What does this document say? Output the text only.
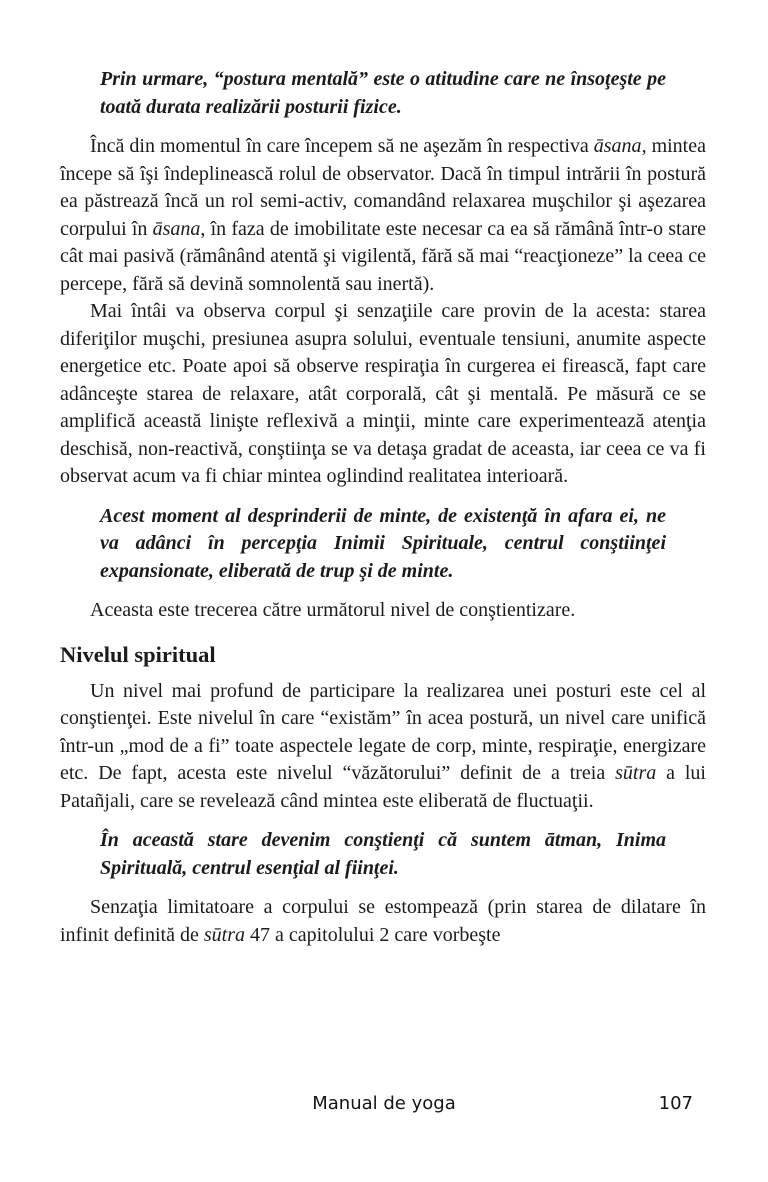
Prin urmare, “postura mentală” este o atitudine care ne însoţeşte pe toată durata realizării posturii fizice.

Încă din momentul în care începem să ne aşezăm în respectiva āsana, mintea începe să îşi îndeplinească rolul de observator. Dacă în timpul intrării în postură ea păstrează încă un rol semi-activ, comandând relaxarea muşchilor şi aşezarea corpului în āsana, în faza de imobilitate este necesar ca ea să rămână într-o stare cât mai pasivă (rămânând atentă şi vigilentă, fără să mai “reacţioneze” la ceea ce percepe, fără să devină somnolentă sau inertă).

Mai întâi va observa corpul şi senzaţiile care provin de la acesta: starea diferiţilor muşchi, presiunea asupra solului, eventuale tensiuni, anumite aspecte energetice etc. Poate apoi să observe respiraţia în curgerea ei firească, fapt care adânceşte starea de relaxare, atât corporală, cât şi mentală. Pe măsură ce se amplifică această linişte reflexivă a minţii, minte care experimentează atenţia deschisă, non-reactivă, conştiinţa se va detaşa gradat de aceasta, iar ceea ce va fi observat acum va fi chiar mintea oglindind realitatea interioară.

Acest moment al desprinderii de minte, de existenţă în afara ei, ne va adânci în percepţia Inimii Spirituale, centrul conştiinţei expansionate, eliberată de trup şi de minte.

Aceasta este trecerea către următorul nivel de conştientizare.

Nivelul spiritual

Un nivel mai profund de participare la realizarea unei posturi este cel al conştienţei. Este nivelul în care “existăm” în acea postură, un nivel care unifică într-un „mod de a fi” toate aspectele legate de corp, minte, respiraţie, energizare etc. De fapt, acesta este nivelul “văzătorului” definit de a treia sūtra a lui Patañjali, care se revelează când mintea este eliberată de fluctuaţii.

În această stare devenim conştienţi că suntem ātman, Inima Spirituală, centrul esenţial al fiinţei.

Senzaţia limitatoare a corpului se estompează (prin starea de dilatare în infinit definită de sūtra 47 a capitolului 2 care vorbeşte

Manual de yoga	107
